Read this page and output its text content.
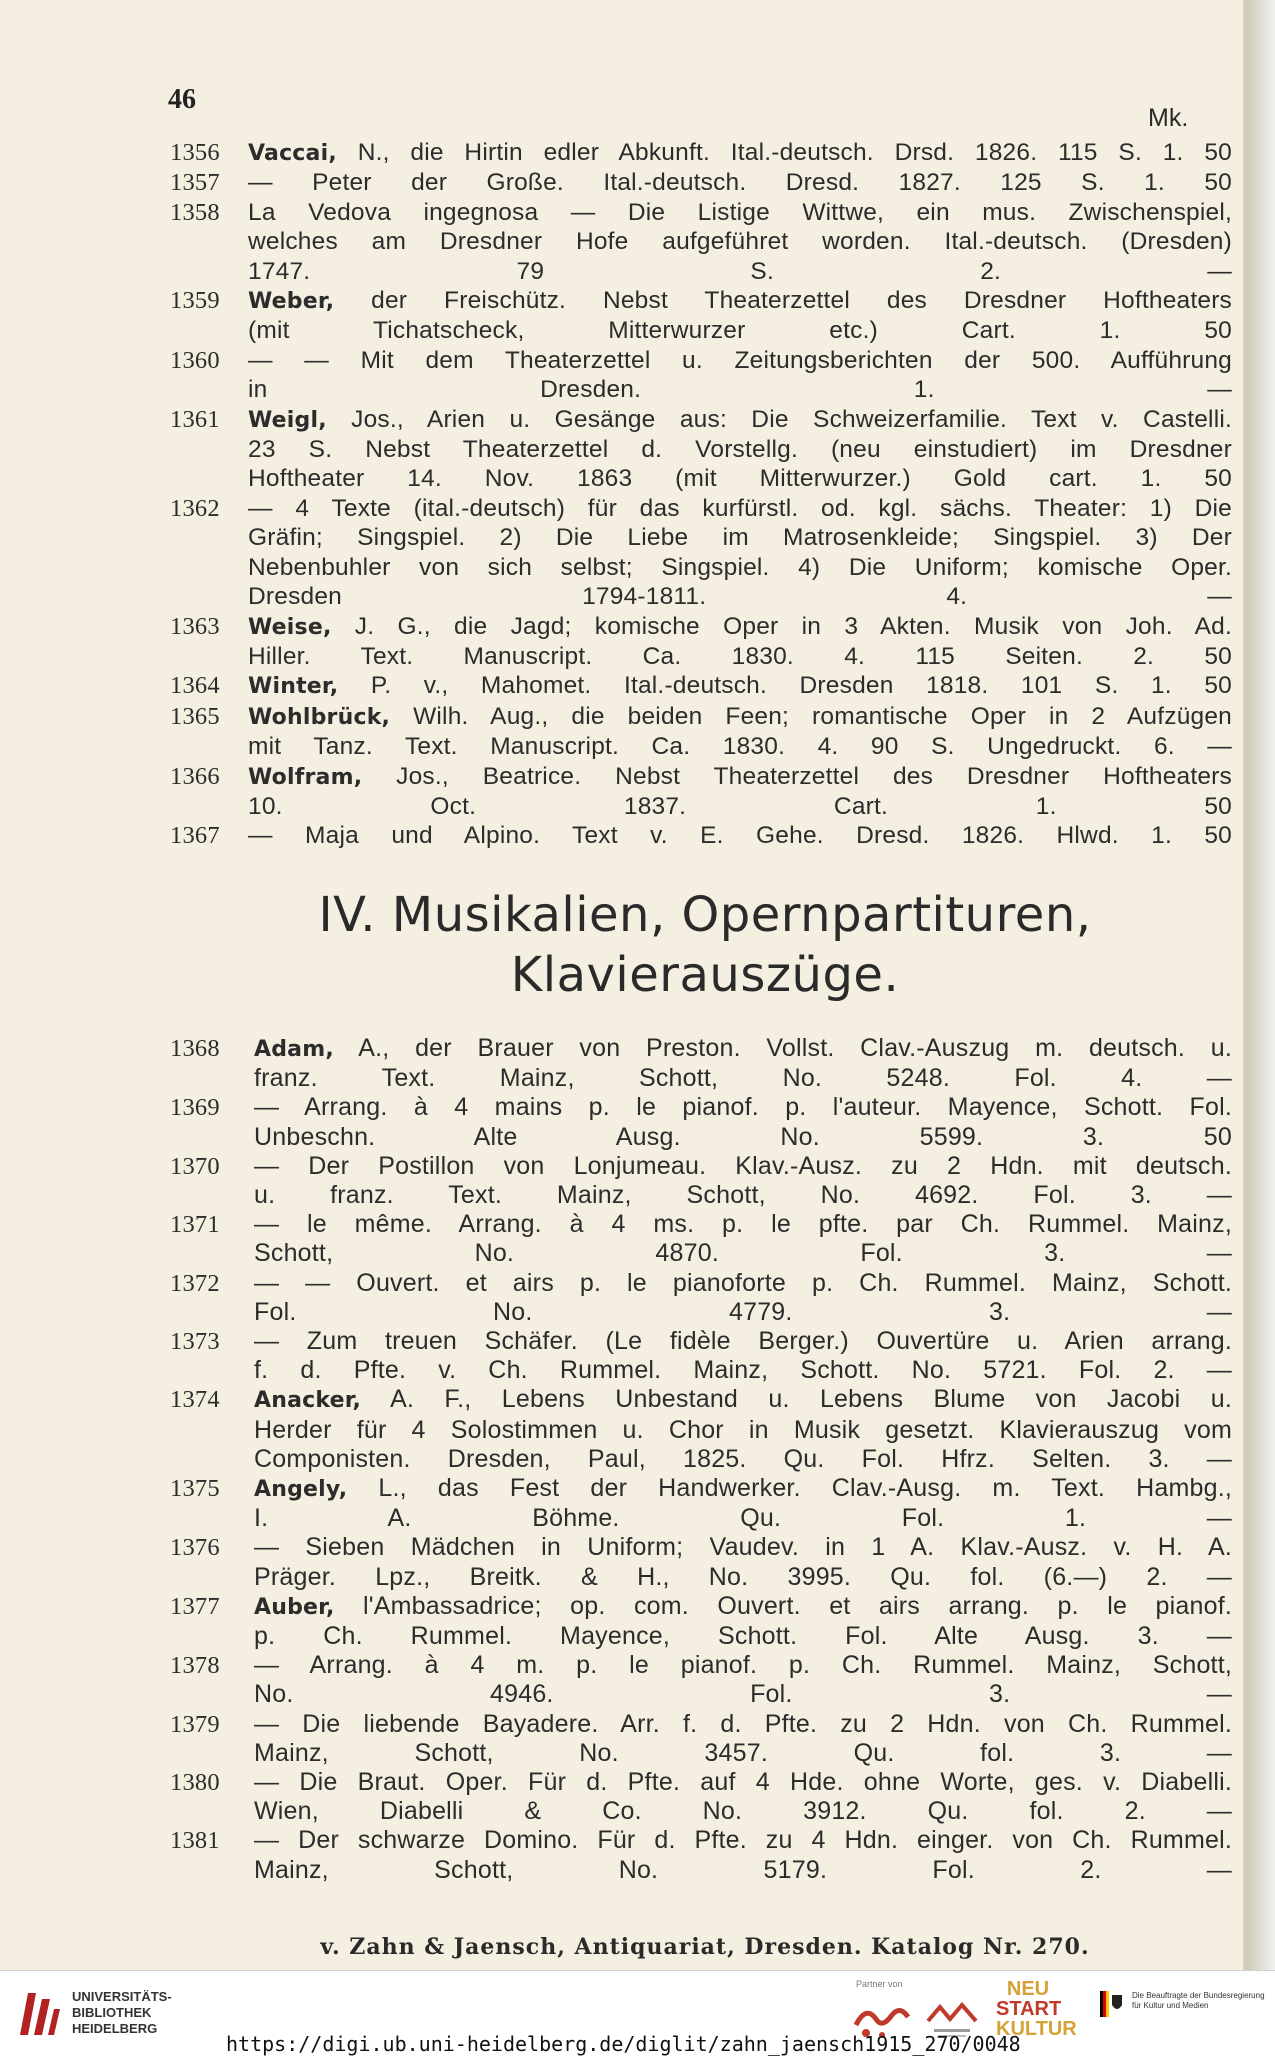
46
Mk.
1356 Vaccai, N., die Hirtin edler Abkunft. Ital.-deutsch. Drsd. 1826. 115 S. 1. 50
1357 — Peter der Große. Ital.-deutsch. Dresd. 1827. 125 S. 1. 50
1358 La Vedova ingegnosa — Die Listige Wittwe, ein mus. Zwischenspiel,
welches am Dresdner Hofe aufgeführet worden. Ital.-deutsch. (Dresden)
1747. 79 S. 2. —
1359 Weber, der Freischütz. Nebst Theaterzettel des Dresdner Hoftheaters
(mit Tichatscheck, Mitterwurzer etc.) Cart. 1. 50
1360 — — Mit dem Theaterzettel u. Zeitungsberichten der 500. Aufführung
in Dresden. 1. —
1361 Weigl, Jos., Arien u. Gesänge aus: Die Schweizerfamilie. Text v. Castelli.
23 S. Nebst Theaterzettel d. Vorstellg. (neu einstudiert) im Dresdner
Hoftheater 14. Nov. 1863 (mit Mitterwurzer.) Gold cart. 1. 50
1362 — 4 Texte (ital.-deutsch) für das kurfürstl. od. kgl. sächs. Theater: 1) Die
Gräfin; Singspiel. 2) Die Liebe im Matrosenkleide; Singspiel. 3) Der
Nebenbuhler von sich selbst; Singspiel. 4) Die Uniform; komische Oper.
Dresden 1794-1811. 4. —
1363 Weise, J. G., die Jagd; komische Oper in 3 Akten. Musik von Joh. Ad.
Hiller. Text. Manuscript. Ca. 1830. 4. 115 Seiten. 2. 50
1364 Winter, P. v., Mahomet. Ital.-deutsch. Dresden 1818. 101 S. 1. 50
1365 Wohlbrück, Wilh. Aug., die beiden Feen; romantische Oper in 2 Aufzügen
mit Tanz. Text. Manuscript. Ca. 1830. 4. 90 S. Ungedruckt. 6. —
1366 Wolfram, Jos., Beatrice. Nebst Theaterzettel des Dresdner Hoftheaters
10. Oct. 1837. Cart. 1. 50
1367 — Maja und Alpino. Text v. E. Gehe. Dresd. 1826. Hlwd. 1. 50
IV. Musikalien, Opernpartituren,
Klavierauszüge.
1368 Adam, A., der Brauer von Preston. Vollst. Clav.-Auszug m. deutsch. u.
franz. Text. Mainz, Schott, No. 5248. Fol. 4. —
1369 — Arrang. à 4 mains p. le pianof. p. l'auteur. Mayence, Schott. Fol.
Unbeschn. Alte Ausg. No. 5599. 3. 50
1370 — Der Postillon von Lonjumeau. Klav.-Ausz. zu 2 Hdn. mit deutsch.
u. franz. Text. Mainz, Schott, No. 4692. Fol. 3. —
1371 — le même. Arrang. à 4 ms. p. le pfte. par Ch. Rummel. Mainz,
Schott, No. 4870. Fol. 3. —
1372 — — Ouvert. et airs p. le pianoforte p. Ch. Rummel. Mainz, Schott.
Fol. No. 4779. 3. —
1373 — Zum treuen Schäfer. (Le fidèle Berger.) Ouvertüre u. Arien arrang.
f. d. Pfte. v. Ch. Rummel. Mainz, Schott. No. 5721. Fol. 2. —
1374 Anacker, A. F., Lebens Unbestand u. Lebens Blume von Jacobi u.
Herder für 4 Solostimmen u. Chor in Musik gesetzt. Klavierauszug vom
Componisten. Dresden, Paul, 1825. Qu. Fol. Hfrz. Selten. 3. —
1375 Angely, L., das Fest der Handwerker. Clav.-Ausg. m. Text. Hambg.,
I. A. Böhme. Qu. Fol. 1. —
1376 — Sieben Mädchen in Uniform; Vaudev. in 1 A. Klav.-Ausz. v. H. A.
Präger. Lpz., Breitk. & H., No. 3995. Qu. fol. (6.—) 2. —
1377 Auber, l'Ambassadrice; op. com. Ouvert. et airs arrang. p. le pianof.
p. Ch. Rummel. Mayence, Schott. Fol. Alte Ausg. 3. —
1378 — Arrang. à 4 m. p. le pianof. p. Ch. Rummel. Mainz, Schott,
No. 4946. Fol. 3. —
1379 — Die liebende Bayadere. Arr. f. d. Pfte. zu 2 Hdn. von Ch. Rummel.
Mainz, Schott, No. 3457. Qu. fol. 3. —
1380 — Die Braut. Oper. Für d. Pfte. auf 4 Hde. ohne Worte, ges. v. Diabelli.
Wien, Diabelli & Co. No. 3912. Qu. fol. 2. —
1381 — Der schwarze Domino. Für d. Pfte. zu 4 Hdn. einger. von Ch. Rummel.
Mainz, Schott, No. 5179. Fol. 2. —
v. Zahn & Jaensch, Antiquariat, Dresden. Katalog Nr. 270.
UNIVERSITÄTS-
BIBLIOTHEK
HEIDELBERG
Partner von	NEU
START
KULTUR
Die Beauftragte der Bundesregierung
für Kultur und Medien
https://digi.ub.uni-heidelberg.de/diglit/zahn_jaensch1915_270/0048
